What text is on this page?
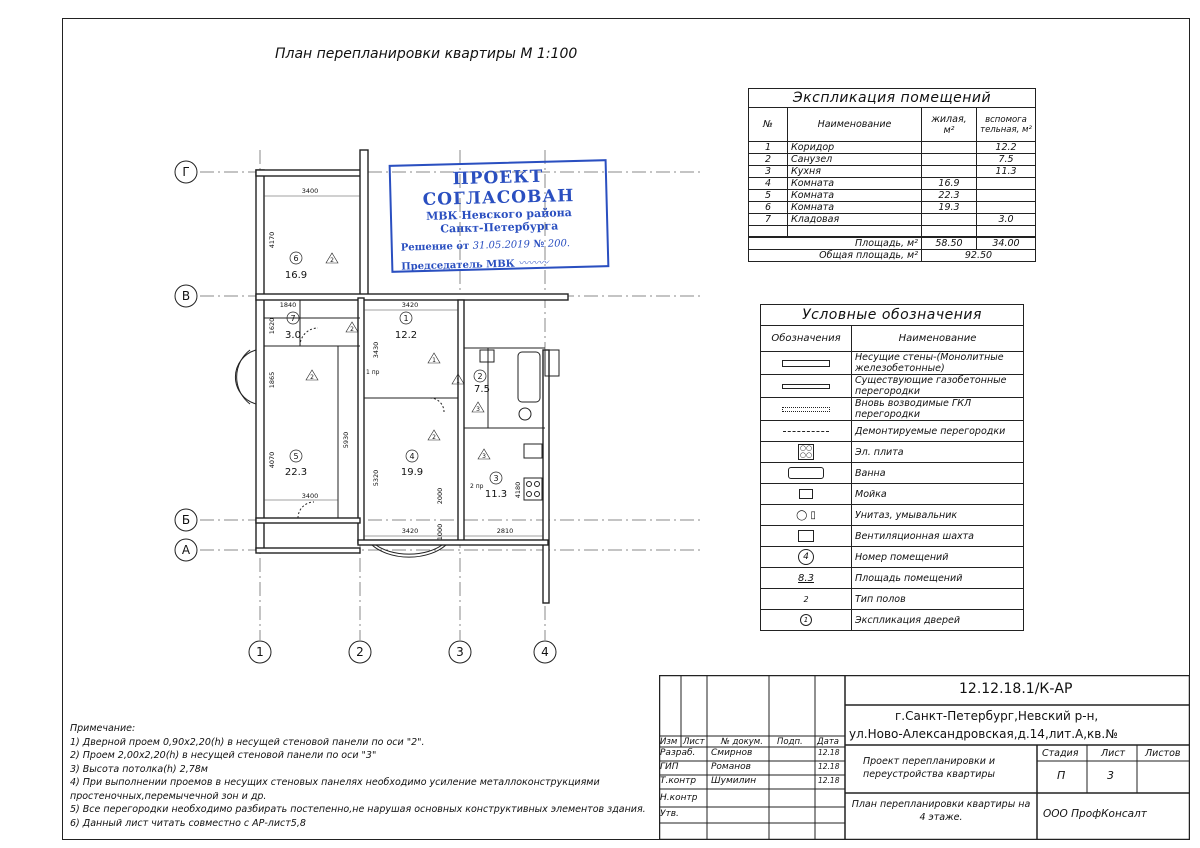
План перепланировки квартиры М 1:100
Г
В
Б
А
1	2	3	4
3400
4170
1840
1620
1865
4070
5930
3400
3420
3430
5320
2000
1000
4180
3420	2810
6
16.9
7
3.0
5
22.3
1
12.2
4
19.9
2
7.5
3
11.3
2
2
1
2
3
3
1
2
1 пр
2 пр
ПРОЕКТ СОГЛАСОВАН
МВК Невского района
Санкт-Петербурга
Решение от 31.05.2019 № 200.
Председатель МВК 〰〰〰
Экспликация помещений
№	Наименование	жилая, м²	вспомога тельная, м²
1	Коридор		12.2
2	Санузел		7.5
3	Кухня		11.3
4	Комната	16.9	
5	Комната	22.3	
6	Комната	19.3	
7	Кладовая		3.0

Площадь, м²		58.50	34.00
Общая площадь, м²		92.50	
Условные обозначения
Обозначения	Наименование

	Несущие стены-(Монолитные железобетонные)

	Существующие газобетонные перегородки

	Вновь возводимые ГКЛ перегородки

	Демонтируемые перегородки

○○
○○	Эл. плита

	Ванна

	Мойка

◯ ▯	Унитаз, умывальник

	Вентиляционная шахта
4	Номер помещений
8.3	Площадь помещений
2	Тип полов
1	Экспликация дверей
Примечание:
1) Дверной проем 0,90х2,20(h) в несущей стеновой панели по оси "2".
2) Проем 2,00х2,20(h) в несущей стеновой панели по оси "3"
3) Высота потолка(h) 2,78м
4) При выполнении проемов в несущих стеновых панелях необходимо усиление металлоконструкциями
простеночных,перемычечной зон и др.
5) Все перегородки необходимо разбирать постепенно,не нарушая основных конструктивных элементов здания.
6) Данный лист читать совместно с АР-лист5,8
12.12.18.1/К-АР
г.Санкт-Петербург,Невский р-н,
ул.Ново-Александровская,д.14,лит.А,кв.№
Изм Лист № докум. Подп. Дата
Разраб. Смирнов	12.18
ГИП	Романов	12.18
Т.контр Шумилин	12.18
Н.контр
Утв.
Проект перепланировки и переустройства квартиры
Стадия Лист Листов
П	3
План перепланировки квартиры на 4 этаже.	ООО ПрофКонсалт
